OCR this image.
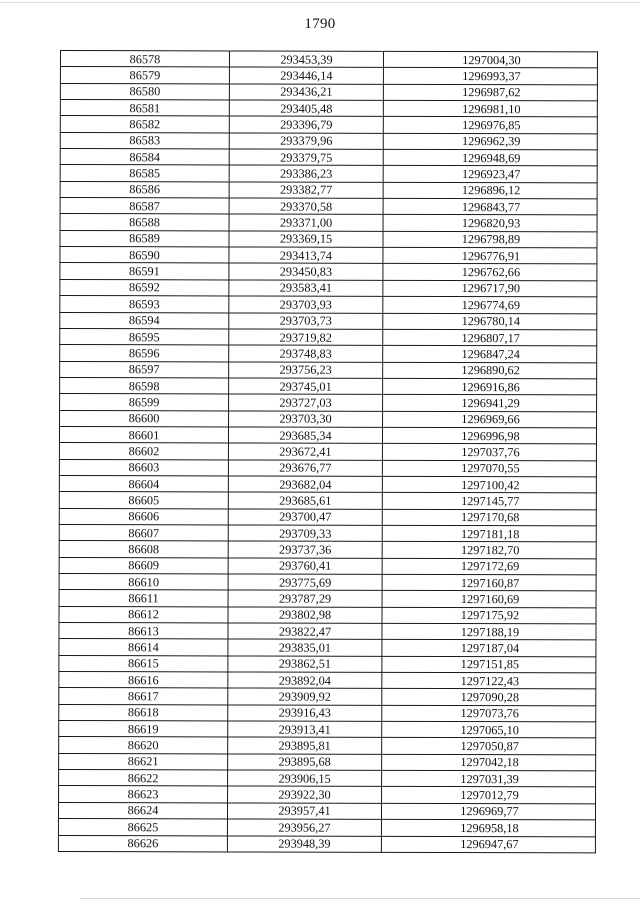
1790
86578	293453,39	1297004,30
86579	293446,14	1296993,37
86580	293436,21	1296987,62
86581	293405,48	1296981,10
86582	293396,79	1296976,85
86583	293379,96	1296962,39
86584	293379,75	1296948,69
86585	293386,23	1296923,47
86586	293382,77	1296896,12
86587	293370,58	1296843,77
86588	293371,00	1296820,93
86589	293369,15	1296798,89
86590	293413,74	1296776,91
86591	293450,83	1296762,66
86592	293583,41	1296717,90
86593	293703,93	1296774,69
86594	293703,73	1296780,14
86595	293719,82	1296807,17
86596	293748,83	1296847,24
86597	293756,23	1296890,62
86598	293745,01	1296916,86
86599	293727,03	1296941,29
86600	293703,30	1296969,66
86601	293685,34	1296996,98
86602	293672,41	1297037,76
86603	293676,77	1297070,55
86604	293682,04	1297100,42
86605	293685,61	1297145,77
86606	293700,47	1297170,68
86607	293709,33	1297181,18
86608	293737,36	1297182,70
86609	293760,41	1297172,69
86610	293775,69	1297160,87
86611	293787,29	1297160,69
86612	293802,98	1297175,92
86613	293822,47	1297188,19
86614	293835,01	1297187,04
86615	293862,51	1297151,85
86616	293892,04	1297122,43
86617	293909,92	1297090,28
86618	293916,43	1297073,76
86619	293913,41	1297065,10
86620	293895,81	1297050,87
86621	293895,68	1297042,18
86622	293906,15	1297031,39
86623	293922,30	1297012,79
86624	293957,41	1296969,77
86625	293956,27	1296958,18
86626	293948,39	1296947,67
